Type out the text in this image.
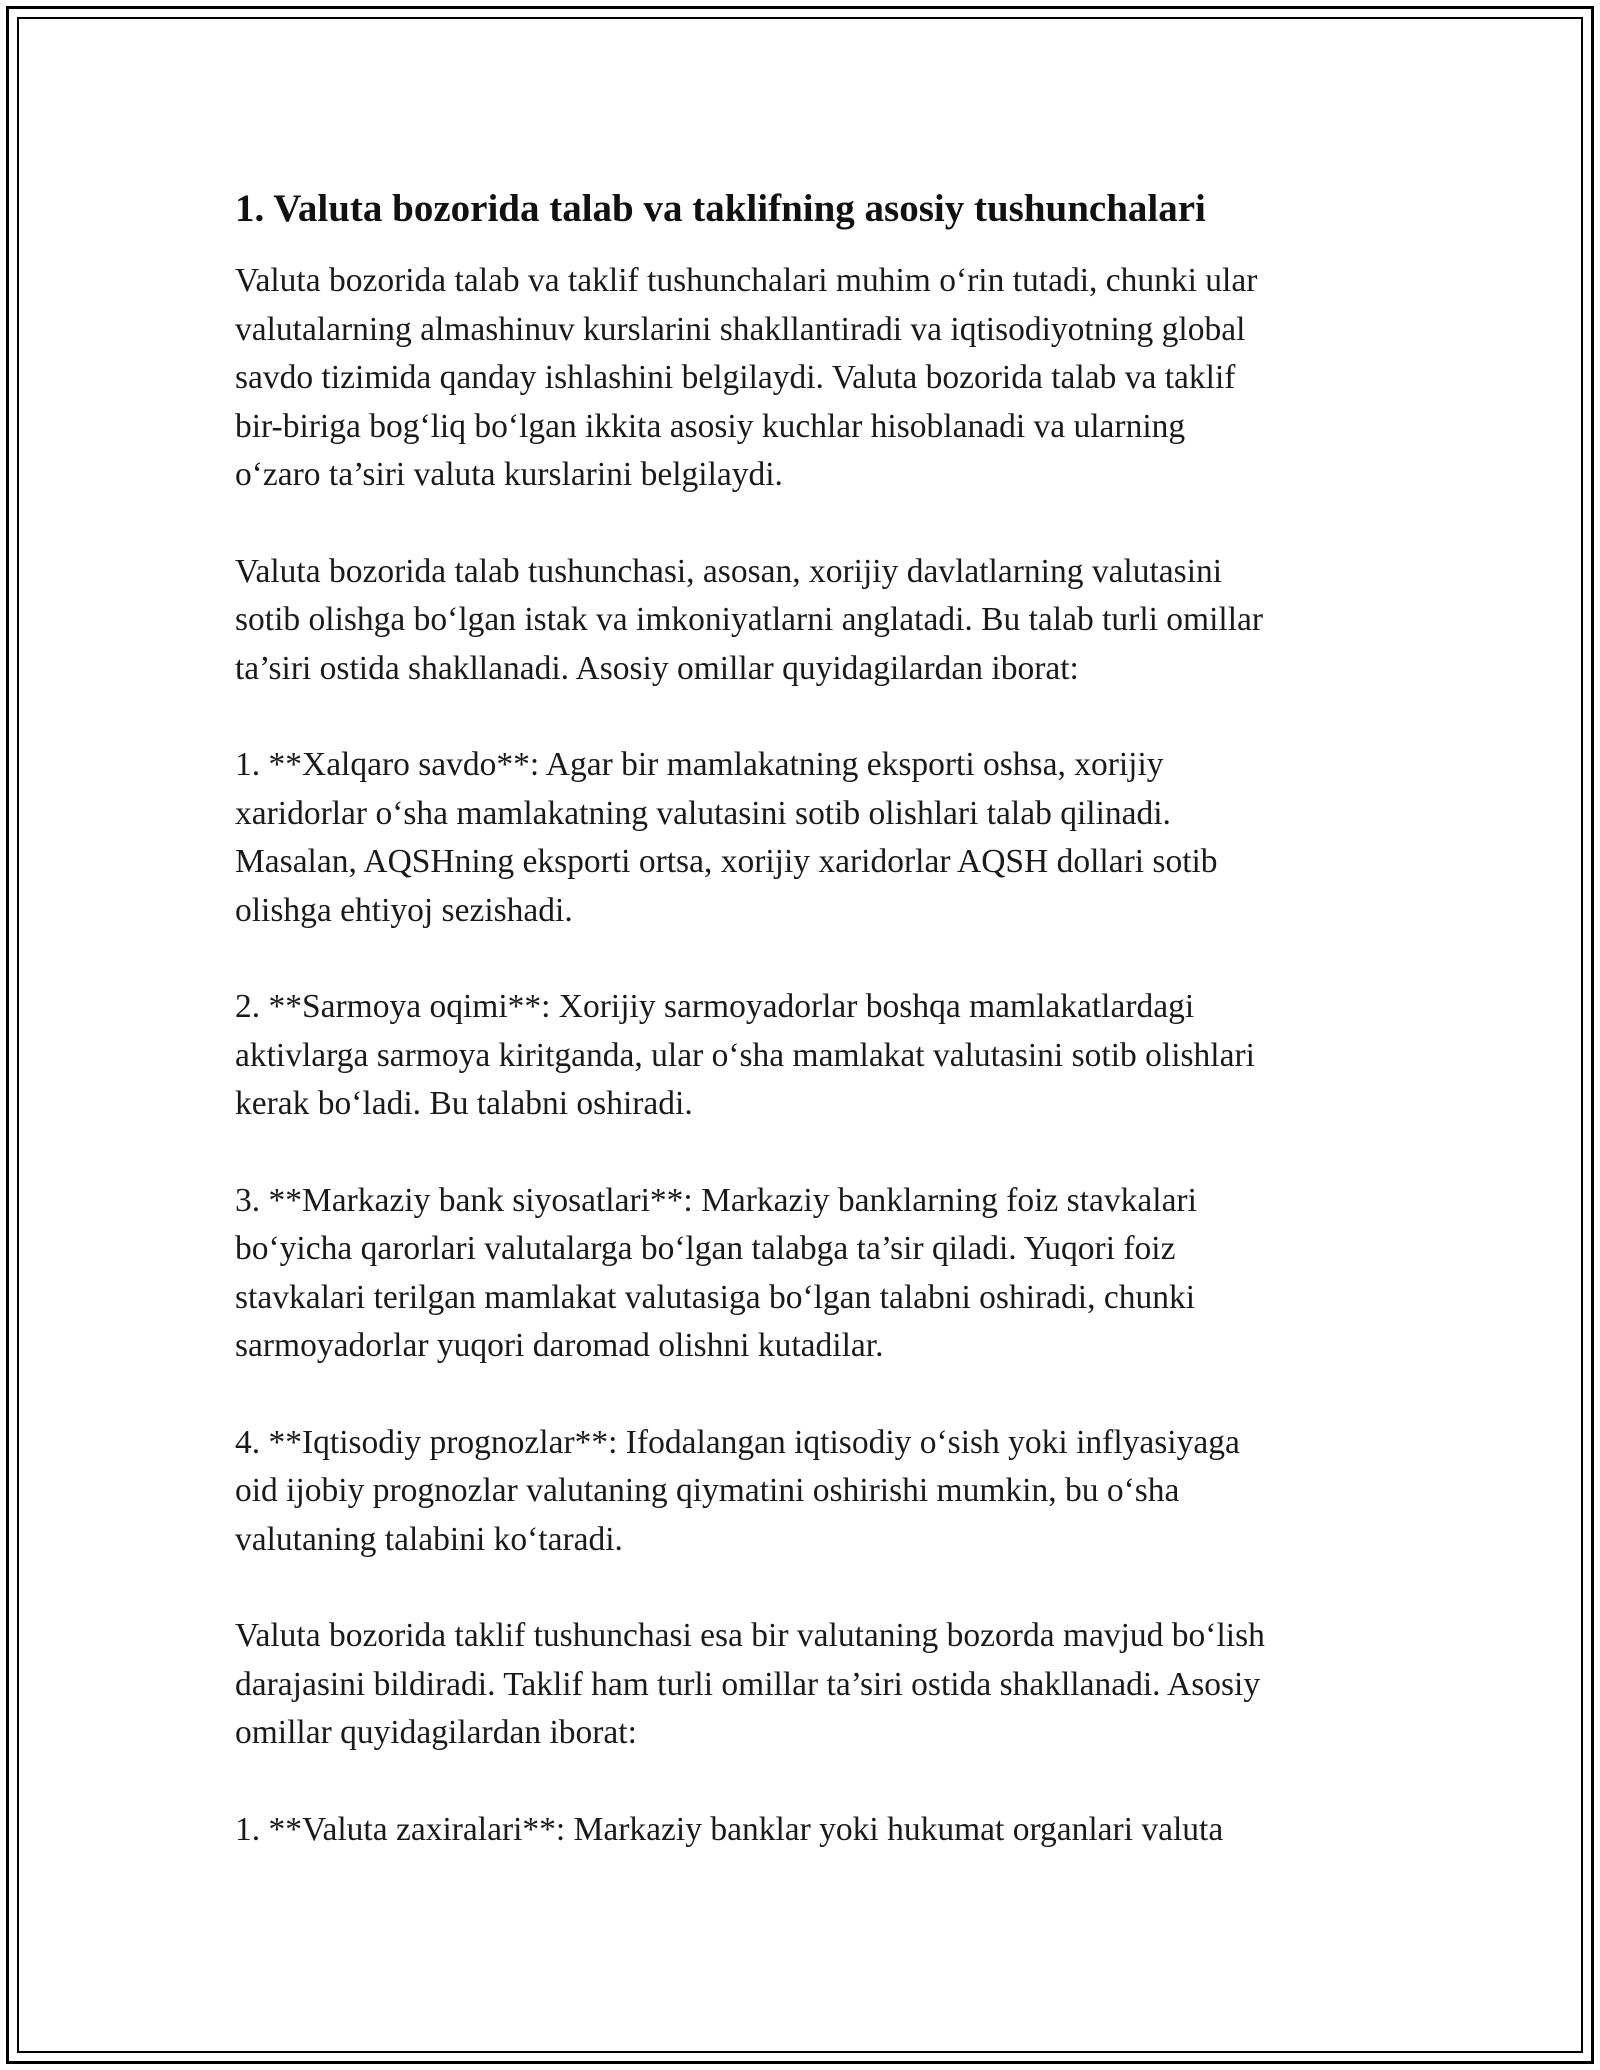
1. Valuta bozorida talab va taklifning asosiy tushunchalari

Valuta bozorida talab va taklif tushunchalari muhim o‘rin tutadi, chunki ular
valutalarning almashinuv kurslarini shakllantiradi va iqtisodiyotning global
savdo tizimida qanday ishlashini belgilaydi. Valuta bozorida talab va taklif
bir-biriga bog‘liq bo‘lgan ikkita asosiy kuchlar hisoblanadi va ularning
o‘zaro ta’siri valuta kurslarini belgilaydi.

Valuta bozorida talab tushunchasi, asosan, xorijiy davlatlarning valutasini
sotib olishga bo‘lgan istak va imkoniyatlarni anglatadi. Bu talab turli omillar
ta’siri ostida shakllanadi. Asosiy omillar quyidagilardan iborat:

1. **Xalqaro savdo**: Agar bir mamlakatning eksporti oshsa, xorijiy
xaridorlar o‘sha mamlakatning valutasini sotib olishlari talab qilinadi.
Masalan, AQSHning eksporti ortsa, xorijiy xaridorlar AQSH dollari sotib
olishga ehtiyoj sezishadi.

2. **Sarmoya oqimi**: Xorijiy sarmoyadorlar boshqa mamlakatlardagi
aktivlarga sarmoya kiritganda, ular o‘sha mamlakat valutasini sotib olishlari
kerak bo‘ladi. Bu talabni oshiradi.

3. **Markaziy bank siyosatlari**: Markaziy banklarning foiz stavkalari
bo‘yicha qarorlari valutalarga bo‘lgan talabga ta’sir qiladi. Yuqori foiz
stavkalari terilgan mamlakat valutasiga bo‘lgan talabni oshiradi, chunki
sarmoyadorlar yuqori daromad olishni kutadilar.

4. **Iqtisodiy prognozlar**: Ifodalangan iqtisodiy o‘sish yoki inflyasiyaga
oid ijobiy prognozlar valutaning qiymatini oshirishi mumkin, bu o‘sha
valutaning talabini ko‘taradi.

Valuta bozorida taklif tushunchasi esa bir valutaning bozorda mavjud bo‘lish
darajasini bildiradi. Taklif ham turli omillar ta’siri ostida shakllanadi. Asosiy
omillar quyidagilardan iborat:

1. **Valuta zaxiralari**: Markaziy banklar yoki hukumat organlari valuta
